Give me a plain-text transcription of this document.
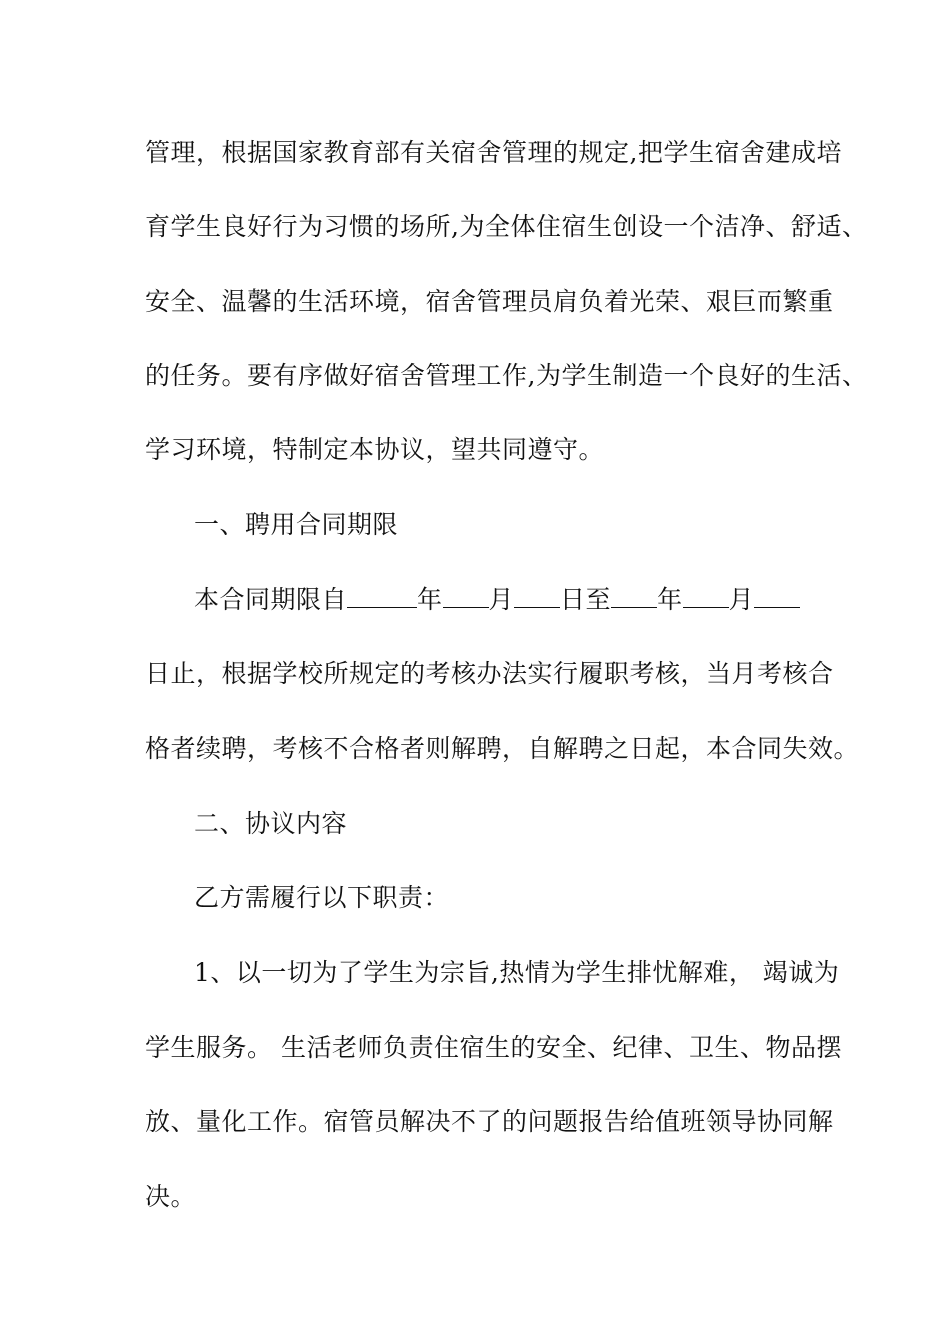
管理，根据国家教育部有关宿舍管理的规定,把学生宿舍建成培
育学生良好行为习惯的场所,为全体住宿生创设一个洁净、舒适、
安全、温馨的生活环境，宿舍管理员肩负着光荣、艰巨而繁重
的任务。要有序做好宿舍管理工作,为学生制造一个良好的生活、
学习环境，特制定本协议，望共同遵守。
一、聘用合同期限
本合同期限自	年 月 日至 年 月
日止，根据学校所规定的考核办法实行履职考核，当月考核合
格者续聘，考核不合格者则解聘，自解聘之日起，本合同失效。
二、协议内容
乙方需履行以下职责：
1、以一切为了学生为宗旨,热情为学生排忧解难， 竭诚为
学生服务。 生活老师负责住宿生的安全、纪律、卫生、物品摆
放、量化工作。宿管员解决不了的问题报告给值班领导协同解
决。
